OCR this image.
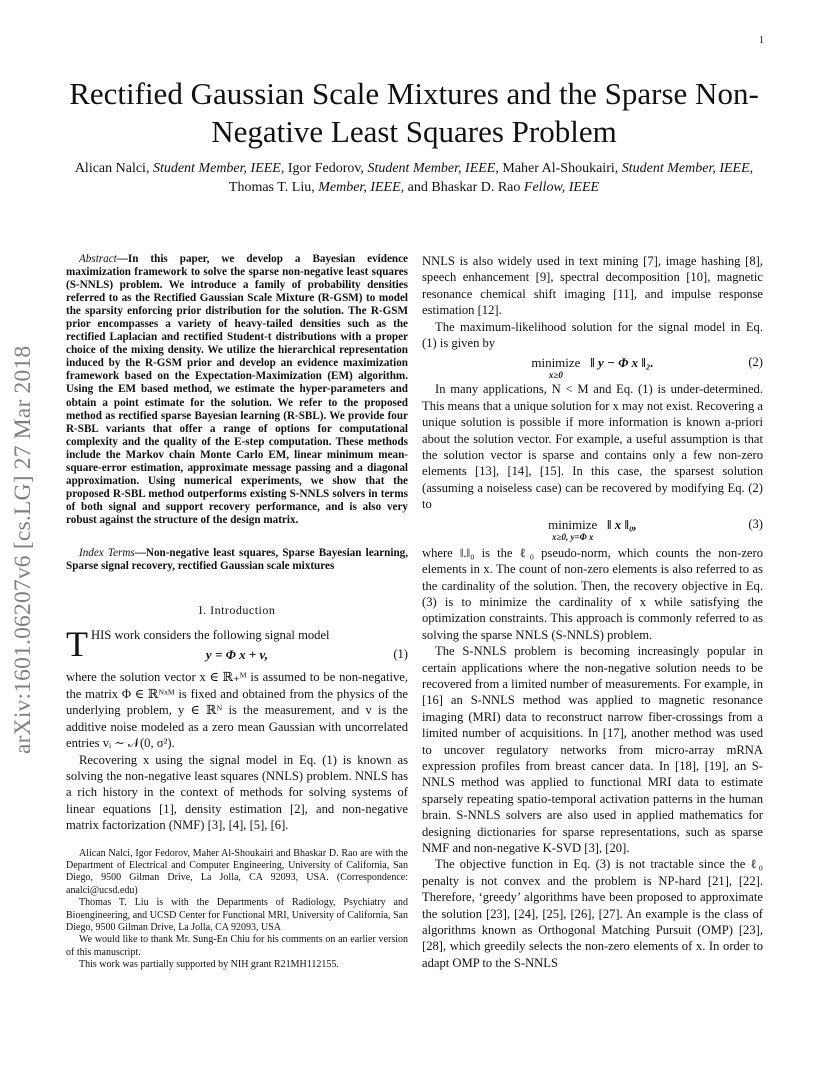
1
arXiv:1601.06207v6 [cs.LG] 27 Mar 2018
Rectified Gaussian Scale Mixtures and the Sparse Non-Negative Least Squares Problem
Alican Nalci, Student Member, IEEE, Igor Fedorov, Student Member, IEEE, Maher Al-Shoukairi, Student Member, IEEE, Thomas T. Liu, Member, IEEE, and Bhaskar D. Rao Fellow, IEEE

Abstract—In this paper, we develop a Bayesian evidence maximization framework to solve the sparse non-negative least squares (S-NNLS) problem. We introduce a family of probability densities referred to as the Rectified Gaussian Scale Mixture (R-GSM) to model the sparsity enforcing prior distribution for the solution. The R-GSM prior encompasses a variety of heavy-tailed densities such as the rectified Laplacian and rectified Student-t distributions with a proper choice of the mixing density. We utilize the hierarchical representation induced by the R-GSM prior and develop an evidence maximization framework based on the Expectation-Maximization (EM) algorithm. Using the EM based method, we estimate the hyper-parameters and obtain a point estimate for the solution. We refer to the proposed method as rectified sparse Bayesian learning (R-SBL). We provide four R-SBL variants that offer a range of options for computational complexity and the quality of the E-step computation. These methods include the Markov chain Monte Carlo EM, linear minimum mean-square-error estimation, approximate message passing and a diagonal approximation. Using numerical experiments, we show that the proposed R-SBL method outperforms existing S-NNLS solvers in terms of both signal and support recovery performance, and is also very robust against the structure of the design matrix.

Index Terms—Non-negative least squares, Sparse Bayesian learning, Sparse signal recovery, rectified Gaussian scale mixtures

I. Introduction

THIS work considers the following signal model

y = Φ x + v,	(1)

where the solution vector x ∈ ℝ₊ᴹ is assumed to be non-negative, the matrix Φ ∈ ℝᴺˣᴹ is fixed and obtained from the physics of the underlying problem, y ∈ ℝᴺ is the measurement, and v is the additive noise modeled as a zero mean Gaussian with uncorrelated entries vᵢ ∼ 𝒩(0, σ²).

Recovering x using the signal model in Eq. (1) is known as solving the non-negative least squares (NNLS) problem. NNLS has a rich history in the context of methods for solving systems of linear equations [1], density estimation [2], and non-negative matrix factorization (NMF) [3], [4], [5], [6].

Alican Nalci, Igor Fedorov, Maher Al-Shoukairi and Bhaskar D. Rao are with the Department of Electrical and Computer Engineering, University of California, San Diego, 9500 Gilman Drive, La Jolla, CA 92093, USA. (Correspondence: analci@ucsd.edu)

Thomas T. Liu is with the Departments of Radiology, Psychiatry and Bioengineering, and UCSD Center for Functional MRI, University of California, San Diego, 9500 Gilman Drive, La Jolla, CA 92093, USA

We would like to thank Mr. Sung-En Chiu for his comments on an earlier version of this manuscript.

This work was partially supported by NIH grant R21MH112155.

NNLS is also widely used in text mining [7], image hashing [8], speech enhancement [9], spectral decomposition [10], magnetic resonance chemical shift imaging [11], and impulse response estimation [12].

The maximum-likelihood solution for the signal model in Eq. (1) is given by

minimize
x≥0
‖ y − Φ x ‖₂.	(2)

In many applications, N < M and Eq. (1) is under-determined. This means that a unique solution for x may not exist. Recovering a unique solution is possible if more information is known a-priori about the solution vector. For example, a useful assumption is that the solution vector is sparse and contains only a few non-zero elements [13], [14], [15]. In this case, the sparsest solution (assuming a noiseless case) can be recovered by modifying Eq. (2) to

minimize
x≥0, y=Φ x
‖ x ‖₀,	(3)

where ‖.‖₀ is the ℓ₀ pseudo-norm, which counts the non-zero elements in x. The count of non-zero elements is also referred to as the cardinality of the solution. Then, the recovery objective in Eq. (3) is to minimize the cardinality of x while satisfying the optimization constraints. This approach is commonly referred to as solving the sparse NNLS (S-NNLS) problem.

The S-NNLS problem is becoming increasingly popular in certain applications where the non-negative solution needs to be recovered from a limited number of measurements. For example, in [16] an S-NNLS method was applied to magnetic resonance imaging (MRI) data to reconstruct narrow fiber-crossings from a limited number of acquisitions. In [17], another method was used to uncover regulatory networks from micro-array mRNA expression profiles from breast cancer data. In [18], [19], an S-NNLS method was applied to functional MRI data to estimate sparsely repeating spatio-temporal activation patterns in the human brain. S-NNLS solvers are also used in applied mathematics for designing dictionaries for sparse representations, such as sparse NMF and non-negative K-SVD [3], [20].

The objective function in Eq. (3) is not tractable since the ℓ₀ penalty is not convex and the problem is NP-hard [21], [22]. Therefore, ‘greedy’ algorithms have been proposed to approximate the solution [23], [24], [25], [26], [27]. An example is the class of algorithms known as Orthogonal Matching Pursuit (OMP) [23], [28], which greedily selects the non-zero elements of x. In order to adapt OMP to the S-NNLS
